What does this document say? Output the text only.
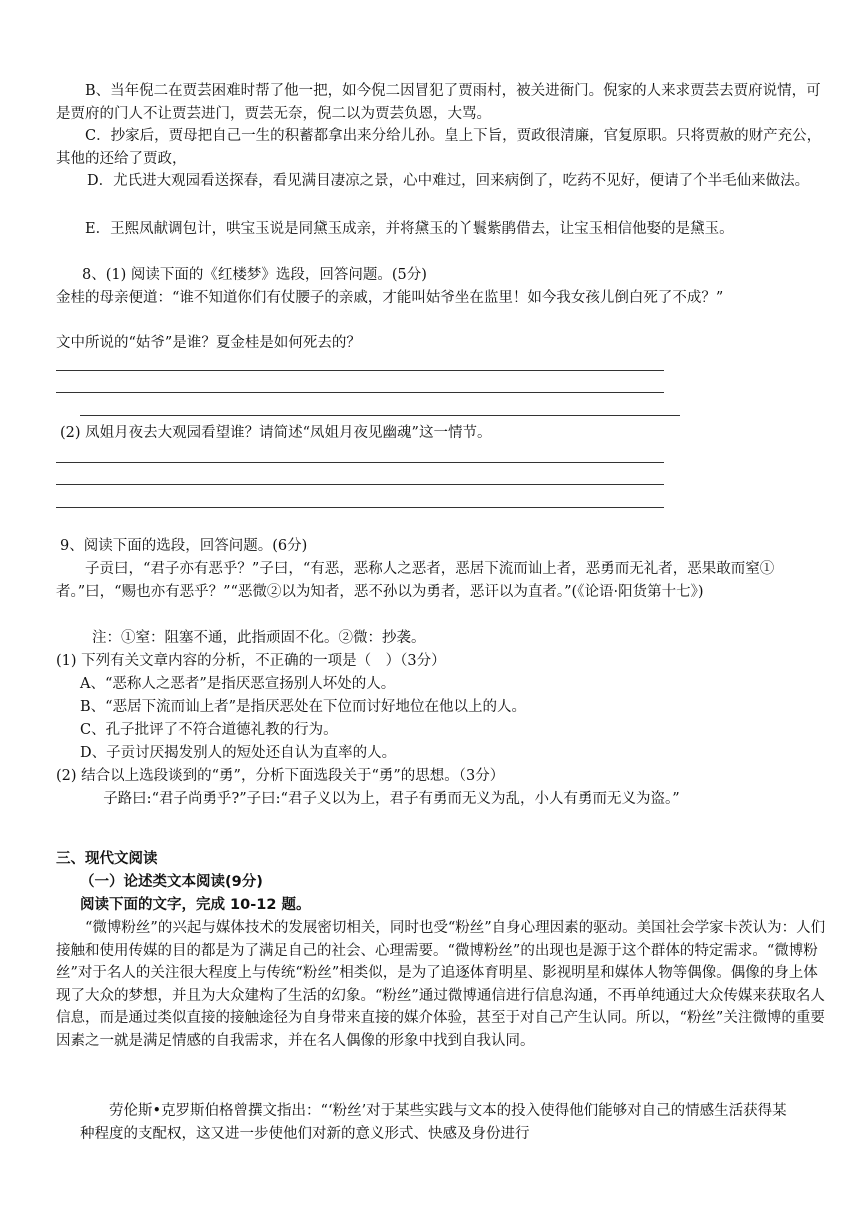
B、当年倪二在贾芸困难时帮了他一把，如今倪二因冒犯了贾雨村，被关进衙门。倪家的人来求贾芸去贾府说情，可是贾府的门人不让贾芸进门，贾芸无奈，倪二以为贾芸负恩，大骂。

C．抄家后，贾母把自己一生的积蓄都拿出来分给儿孙。皇上下旨，贾政很清廉，官复原职。只将贾赦的财产充公，其他的还给了贾政，

D．尤氏进大观园看送探春，看见满目凄凉之景，心中难过，回来病倒了，吃药不见好，便请了个半毛仙来做法。

E．王熙凤献调包计，哄宝玉说是同黛玉成亲，并将黛玉的丫鬟紫鹃借去，让宝玉相信他娶的是黛玉。

8、(1) 阅读下面的《红楼梦》选段，回答问题。(5分)

金桂的母亲便道：“谁不知道你们有仗腰子的亲戚，才能叫姑爷坐在监里！如今我女孩儿倒白死了不成？”

文中所说的“姑爷”是谁？夏金桂是如何死去的？

(2) 凤姐月夜去大观园看望谁？请简述“凤姐月夜见幽魂”这一情节。

9、阅读下面的选段，回答问题。(6分)

子贡曰，“君子亦有恶乎？”子曰，“有恶，恶称人之恶者，恶居下流而讪上者，恶勇而无礼者，恶果敢而窒①者。”曰，“赐也亦有恶乎？”“恶微②以为知者，恶不孙以为勇者，恶讦以为直者。”(《论语·阳货第十七》)

注：①窒：阻塞不通，此指顽固不化。②微：抄袭。

(1) 下列有关文章内容的分析，不正确的一项是（　）（3分）

A、“恶称人之恶者”是指厌恶宣扬别人坏处的人。

B、“恶居下流而讪上者”是指厌恶处在下位而讨好地位在他以上的人。

C、孔子批评了不符合道德礼教的行为。

D、子贡讨厌揭发别人的短处还自认为直率的人。

(2) 结合以上选段谈到的“勇”，分析下面选段关于“勇”的思想。（3分）

子路曰:“君子尚勇乎?”子曰:“君子义以为上，君子有勇而无义为乱，小人有勇而无义为盗。”

三、现代文阅读

（一）论述类文本阅读(9分)

阅读下面的文字，完成 10-12 题。

“微博粉丝”的兴起与媒体技术的发展密切相关，同时也受“粉丝”自身心理因素的驱动。美国社会学家卡茨认为：人们接触和使用传媒的目的都是为了满足自己的社会、心理需要。“微博粉丝”的出现也是源于这个群体的特定需求。“微博粉丝”对于名人的关注很大程度上与传统“粉丝”相类似，是为了追逐体育明星、影视明星和媒体人物等偶像。偶像的身上体现了大众的梦想，并且为大众建构了生活的幻象。“粉丝”通过微博通信进行信息沟通，不再单纯通过大众传媒来获取名人信息，而是通过类似直接的接触途径为自身带来直接的媒介体验，甚至于对自己产生认同。所以，“粉丝”关注微博的重要因素之一就是满足情感的自我需求，并在名人偶像的形象中找到自我认同。

劳伦斯•克罗斯伯格曾撰文指出：“‘粉丝’对于某些实践与文本的投入使得他们能够对自己的情感生活获得某种程度的支配权，这又进一步使他们对新的意义形式、快感及身份进行
